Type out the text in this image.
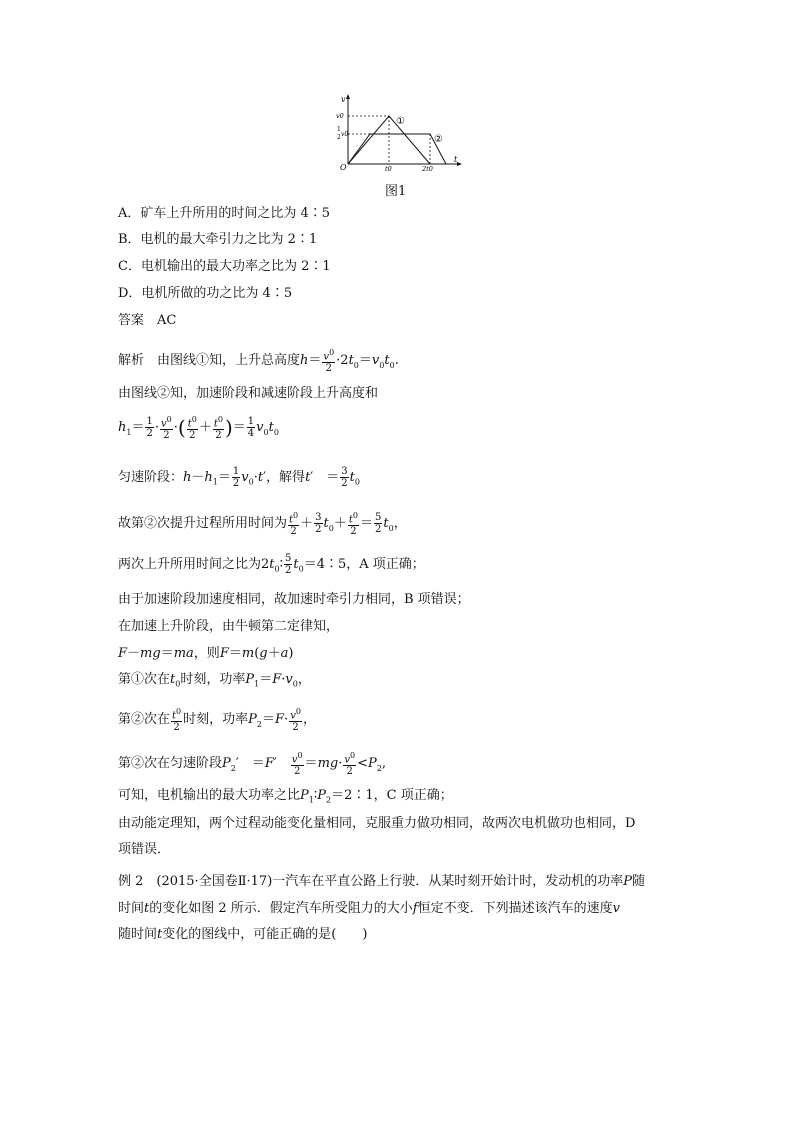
v
t
O
v0
1
2 v0
t0	2t0
①
②
图1
A．矿车上升所用的时间之比为 4∶5
B．电机的最大牵引力之比为 2∶1
C．电机输出的最大功率之比为 2∶1
D．电机所做的功之比为 4∶5
答案　AC
解析　由图线①知，上升总高度$h= \frac{v^0}{2} \cdot 2t_0=v_0t_0$.
由图线②知，加速阶段和减速阶段上升高度和
$h_1= \frac{1}{2} \cdot \frac{v^0}{2}$ ·( $\frac{t^0}{2} + \frac{t^0}{2}$ )＝ $\frac{1}{4} v_0t_0$
匀速阶段：$h-h_1= \frac{1}{2} v_0\cdot t'$，解得t′　＝ $\frac{3}{2} t_0$
故第②次提升过程所用时间为 $\frac{t^0}{2} + \frac{3}{2} t_0+ \frac{t^0}{2} = \frac{5}{2} t_0$，
两次上升所用时间之比为$2t_0∶ \frac{5}{2}$ $t_0=4∶5$，A 项正确；
由于加速阶段加速度相同，故加速时牵引力相同，B 项错误；
在加速上升阶段，由牛顿第二定律知，
F－mg＝ma，则F＝m(g＋a)
第①次在$t_0$时刻，功率$P_1=F\cdot v_0$，
第②次在 $\frac{t^0}{2}$ 时刻，功率$P_2=F\cdot \frac{v^0}{2}$ ，
第②次在匀速阶段$P_2'$　＝F′　 $\frac{v^0}{2} =mg\cdot \frac{v^0}{2} <P_2$,
可知，电机输出的最大功率之比$P_1∶P_2=2∶1$，C 项正确；
由动能定理知，两个过程动能变化量相同，克服重力做功相同，故两次电机做功也相同，D
项错误．
例 2　(2015·全国卷Ⅱ·17)一汽车在平直公路上行驶．从某时刻开始计时，发动机的功率P随
时间t的变化如图 2 所示．假定汽车所受阻力的大小f恒定不变．下列描述该汽车的速度v
随时间t变化的图线中，可能正确的是(　　)
